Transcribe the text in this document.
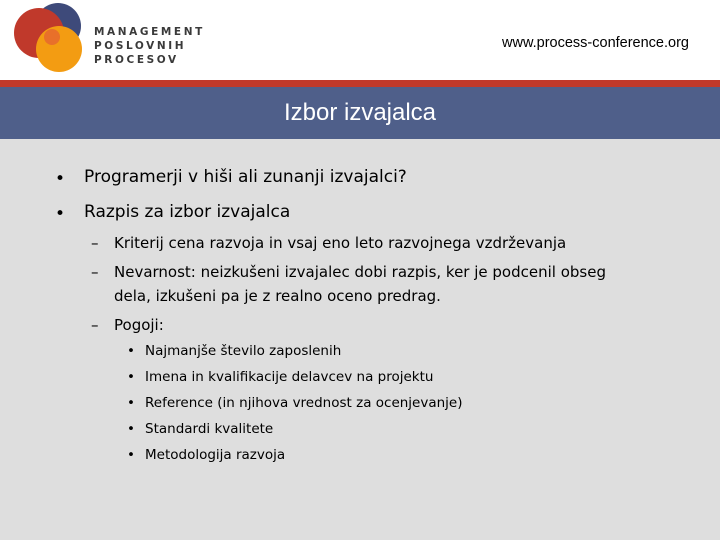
MANAGEMENT
POSLOVNIH
PROCESOV
www.process-conference.org
Izbor izvajalca
• Programerji v hiši ali zunanji izvajalci?
• Razpis za izbor izvajalca
– Kriterij cena razvoja in vsaj eno leto razvojnega vzdrževanja
– Nevarnost: neizkušeni izvajalec dobi razpis, ker je podcenil obseg
dela, izkušeni pa je z realno oceno predrag.
– Pogoji:
• Najmanjše število zaposlenih
• Imena in kvalifikacije delavcev na projektu
• Reference (in njihova vrednost za ocenjevanje)
• Standardi kvalitete
• Metodologija razvoja
